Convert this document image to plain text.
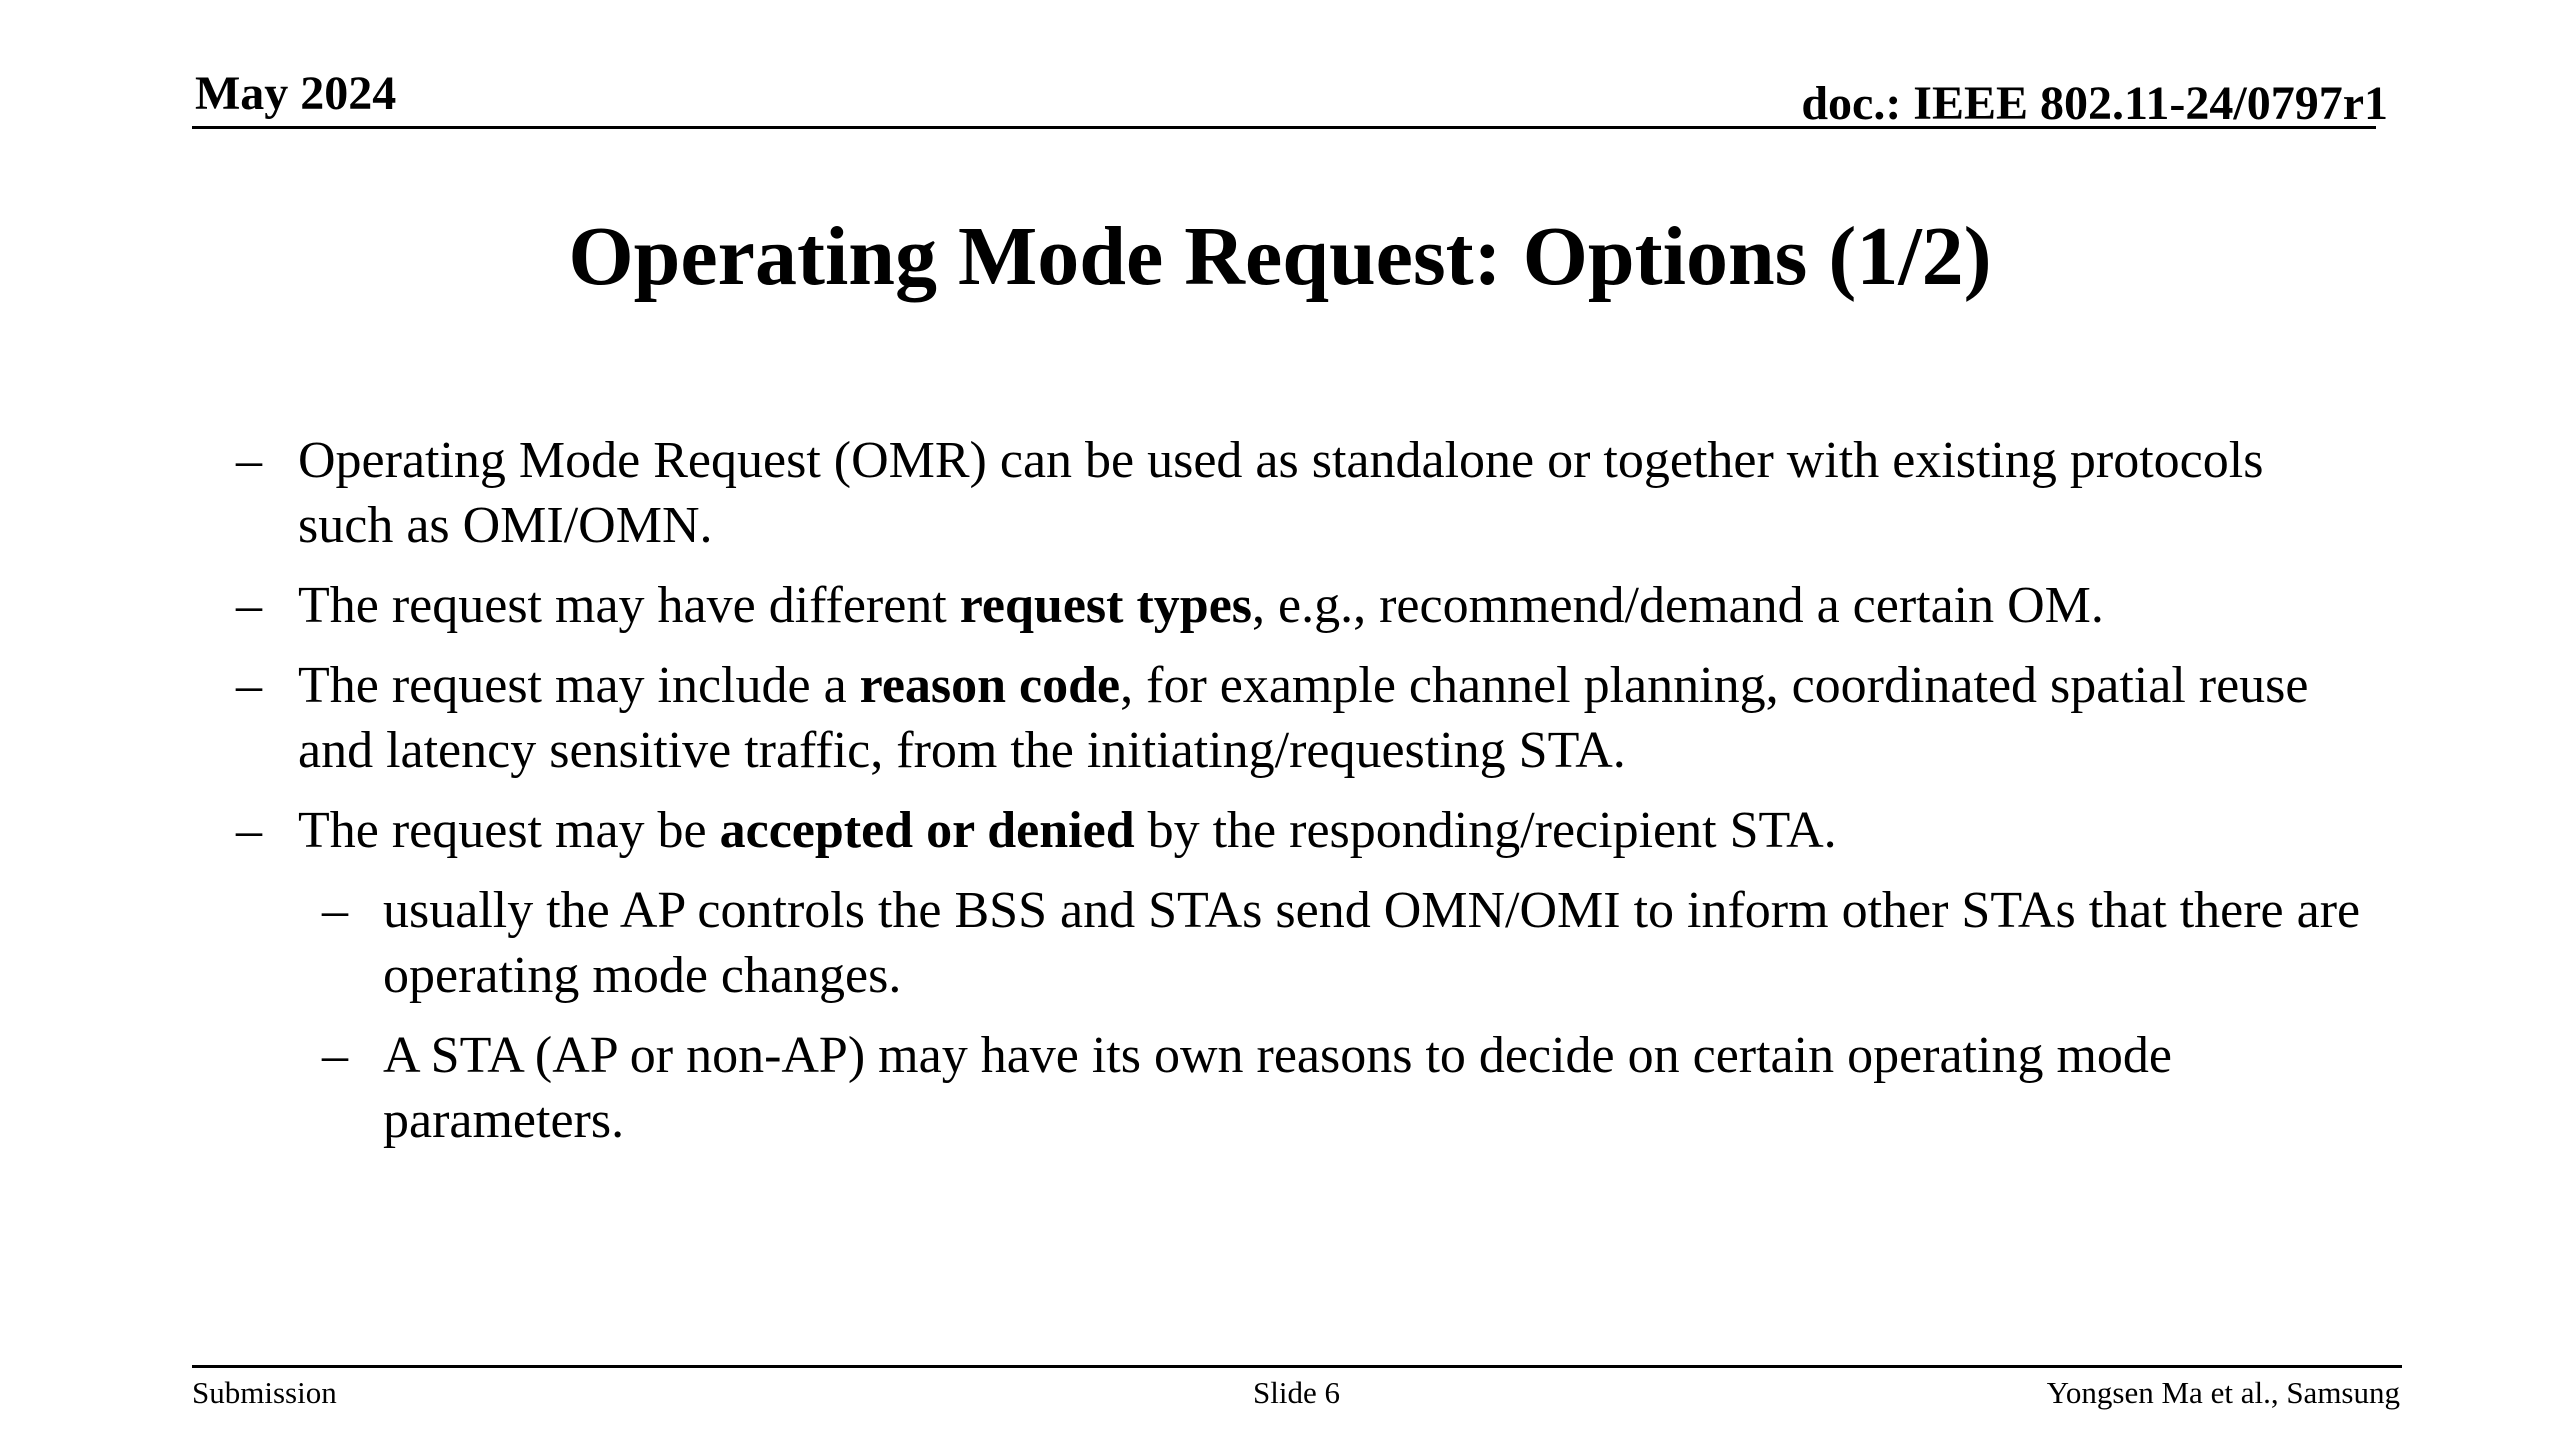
May 2024	doc.: IEEE 802.11-24/0797r1
Operating Mode Request: Options (1/2)
– Operating Mode Request (OMR) can be used as standalone or together with existing protocols such as OMI/OMN.
– The request may have different request types, e.g., recommend/demand a certain OM.
– The request may include a reason code, for example channel planning, coordinated spatial reuse and latency sensitive traffic, from the initiating/requesting STA.
– The request may be accepted or denied by the responding/recipient STA.
– usually the AP controls the BSS and STAs send OMN/OMI to inform other STAs that there are operating mode changes.
– A STA (AP or non-AP) may have its own reasons to decide on certain operating mode parameters.
Submission	Slide 6	Yongsen Ma et al., Samsung
